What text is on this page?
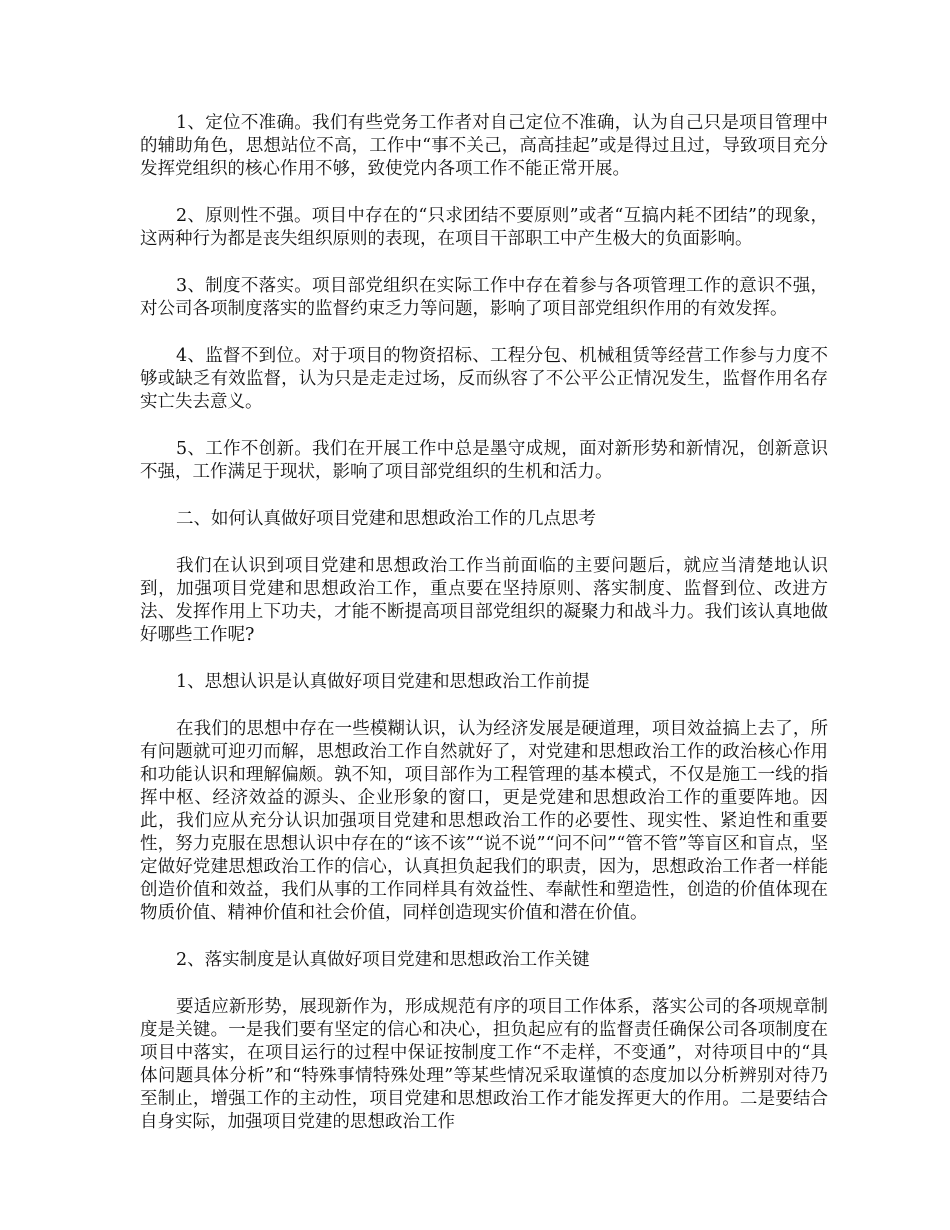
1、定位不准确。我们有些党务工作者对自己定位不准确，认为自己只是项目管理中的辅助角色，思想站位不高，工作中“事不关己，高高挂起”或是得过且过，导致项目充分发挥党组织的核心作用不够，致使党内各项工作不能正常开展。

2、原则性不强。项目中存在的“只求团结不要原则”或者“互搞内耗不团结”的现象，这两种行为都是丧失组织原则的表现，在项目干部职工中产生极大的负面影响。

3、制度不落实。项目部党组织在实际工作中存在着参与各项管理工作的意识不强，对公司各项制度落实的监督约束乏力等问题，影响了项目部党组织作用的有效发挥。

4、监督不到位。对于项目的物资招标、工程分包、机械租赁等经营工作参与力度不够或缺乏有效监督，认为只是走走过场，反而纵容了不公平公正情况发生，监督作用名存实亡失去意义。

5、工作不创新。我们在开展工作中总是墨守成规，面对新形势和新情况，创新意识不强，工作满足于现状，影响了项目部党组织的生机和活力。

二、如何认真做好项目党建和思想政治工作的几点思考

我们在认识到项目党建和思想政治工作当前面临的主要问题后，就应当清楚地认识到，加强项目党建和思想政治工作，重点要在坚持原则、落实制度、监督到位、改进方法、发挥作用上下功夫，才能不断提高项目部党组织的凝聚力和战斗力。我们该认真地做好哪些工作呢?

1、思想认识是认真做好项目党建和思想政治工作前提

在我们的思想中存在一些模糊认识，认为经济发展是硬道理，项目效益搞上去了，所有问题就可迎刃而解，思想政治工作自然就好了，对党建和思想政治工作的政治核心作用和功能认识和理解偏颇。孰不知，项目部作为工程管理的基本模式，不仅是施工一线的指挥中枢、经济效益的源头、企业形象的窗口，更是党建和思想政治工作的重要阵地。因此，我们应从充分认识加强项目党建和思想政治工作的必要性、现实性、紧迫性和重要性，努力克服在思想认识中存在的“该不该”“说不说”“问不问”“管不管”等盲区和盲点，坚定做好党建思想政治工作的信心，认真担负起我们的职责，因为，思想政治工作者一样能创造价值和效益，我们从事的工作同样具有效益性、奉献性和塑造性，创造的价值体现在物质价值、精神价值和社会价值，同样创造现实价值和潜在价值。

2、落实制度是认真做好项目党建和思想政治工作关键

要适应新形势，展现新作为，形成规范有序的项目工作体系，落实公司的各项规章制度是关键。一是我们要有坚定的信心和决心，担负起应有的监督责任确保公司各项制度在项目中落实，在项目运行的过程中保证按制度工作“不走样，不变通”，对待项目中的“具体问题具体分析”和“特殊事情特殊处理”等某些情况采取谨慎的态度加以分析辨别对待乃至制止，增强工作的主动性，项目党建和思想政治工作才能发挥更大的作用。二是要结合自身实际，加强项目党建的思想政治工作
